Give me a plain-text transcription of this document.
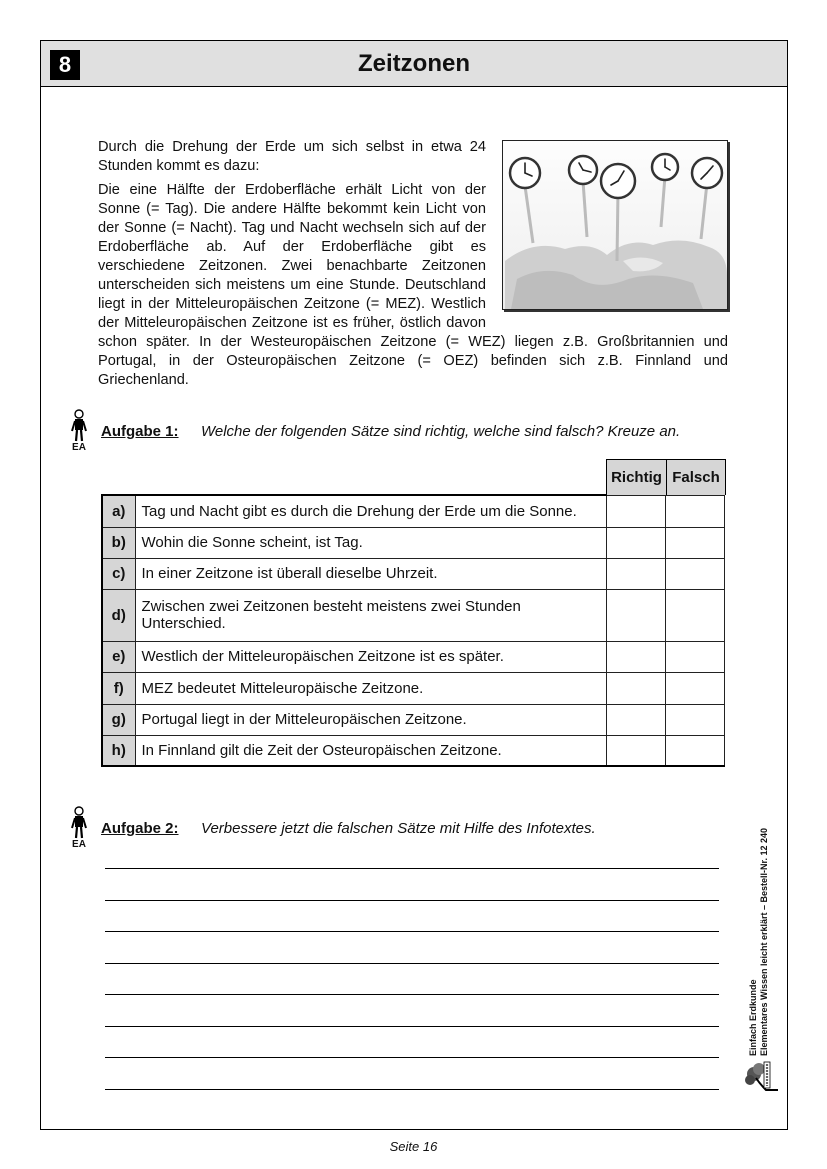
Zeitzonen
8

Durch die Drehung der Erde um sich selbst in etwa 24 Stunden kommt es dazu:

Die eine Hälfte der Erdoberfläche erhält Licht von der Sonne (= Tag). Die andere Hälfte bekommt kein Licht von der Sonne (= Nacht). Tag und Nacht wechseln sich auf der Erdoberfläche ab. Auf der Erdoberfläche gibt es verschiedene Zeitzonen. Zwei benachbarte Zeitzonen unterscheiden sich meistens um eine Stunde. Deutschland liegt in der Mitteleuropäischen Zeitzone (= MEZ). Westlich der Mitteleuropäischen Zeitzone ist es früher, östlich davon schon später. In der Westeuropäischen Zeitzone (= WEZ) liegen z.B. Großbritannien und Portugal, in der Osteuropäischen Zeitzone (= OEZ) befinden sich z.B. Finnland und Griechenland.

EA
Aufgabe 1: Welche der folgenden Sätze sind richtig, welche sind falsch? Kreuze an.
Richtig Falsch
a)	Tag und Nacht gibt es durch die Drehung der Erde um die Sonne.		
b)	Wohin die Sonne scheint, ist Tag.		
c)	In einer Zeitzone ist überall dieselbe Uhrzeit.		
d)	Zwischen zwei Zeitzonen besteht meistens zwei Stunden Unterschied.		
e)	Westlich der Mitteleuropäischen Zeitzone ist es später.		
f)	MEZ bedeutet Mitteleuropäische Zeitzone.		
g)	Portugal liegt in der Mitteleuropäischen Zeitzone.		
h)	In Finnland gilt die Zeit der Osteuropäischen Zeitzone.		
EA
Aufgabe 2: Verbessere jetzt die falschen Sätze mit Hilfe des Infotextes.
Einfach Erdkunde Elementares Wissen leicht erklärt – Bestell-Nr. 12 240
Seite 16
